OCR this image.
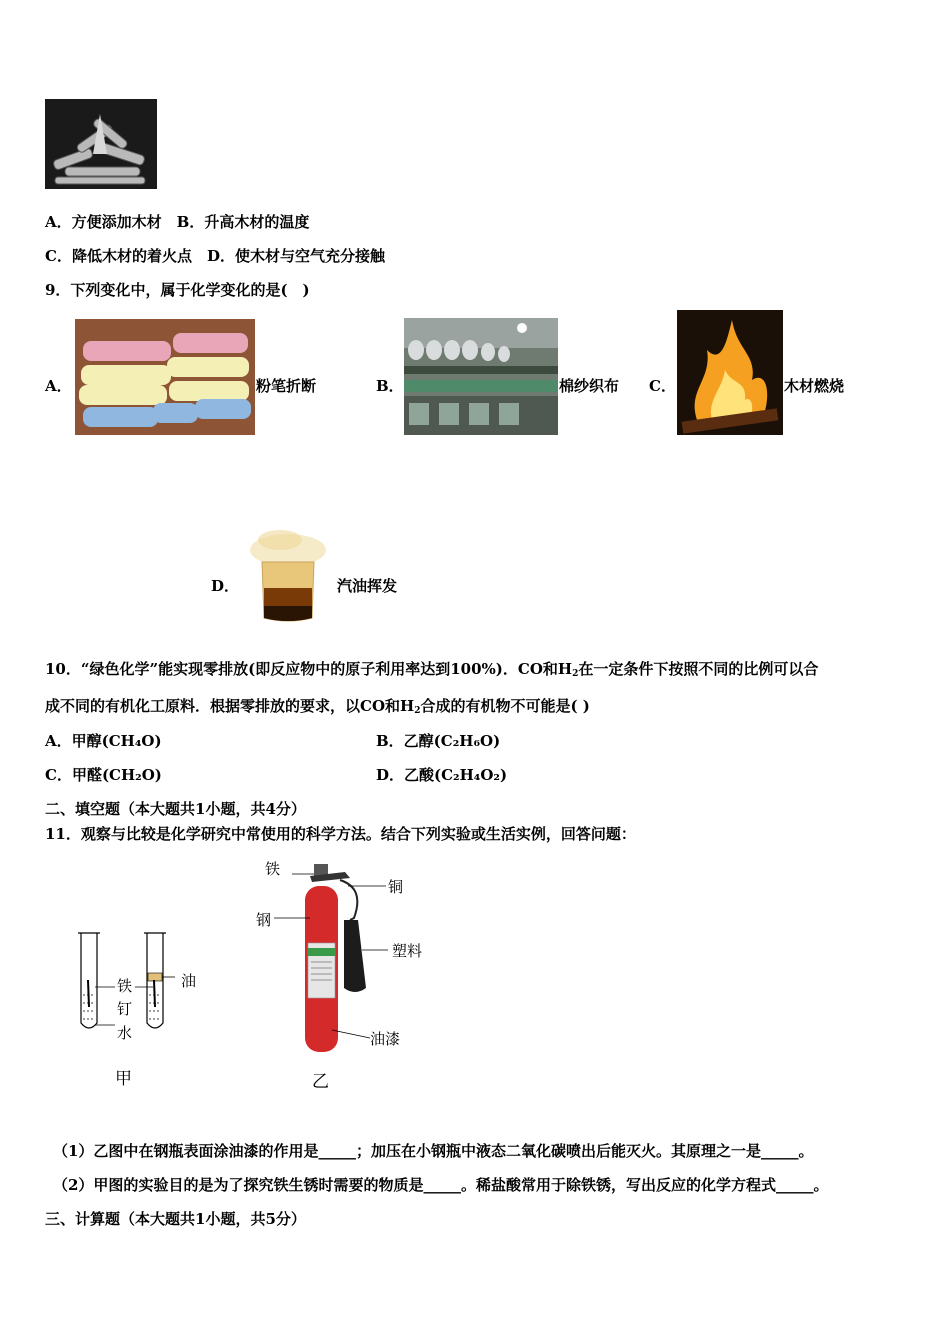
A．方便添加木材　B．升高木材的温度
C．降低木材的着火点　D．使木材与空气充分接触
9．下列变化中，属于化学变化的是(　)
A．	粉笔折断	B．	棉纱织布 C．	木材燃烧
D．	汽油挥发
10．“绿色化学”能实现零排放(即反应物中的原子利用率达到100%)．CO和$H_2$在一定条件下按照不同的比例可以合
成不同的有机化工原料．根据零排放的要求，以CO和$H_2$合成的有机物不可能是( )
A．甲醇(CH₄O)	B．乙醇(C₂H₆O)
C．甲醛(CH₂O)	D．乙酸(C₂H₄O₂)
二、填空题（本大题共1小题，共4分）
11．观察与比较是化学研究中常使用的科学方法。结合下列实验或生活实例，回答问题：
铁
钉
水
油
甲
铁
铜
钢
塑料
油漆
乙
（1）乙图中在钢瓶表面涂油漆的作用是_____；加压在小钢瓶中液态二氧化碳喷出后能灭火。其原理之一是_____。
（2）甲图的实验目的是为了探究铁生锈时需要的物质是_____。稀盐酸常用于除铁锈，写出反应的化学方程式_____。
三、计算题（本大题共1小题，共5分）
